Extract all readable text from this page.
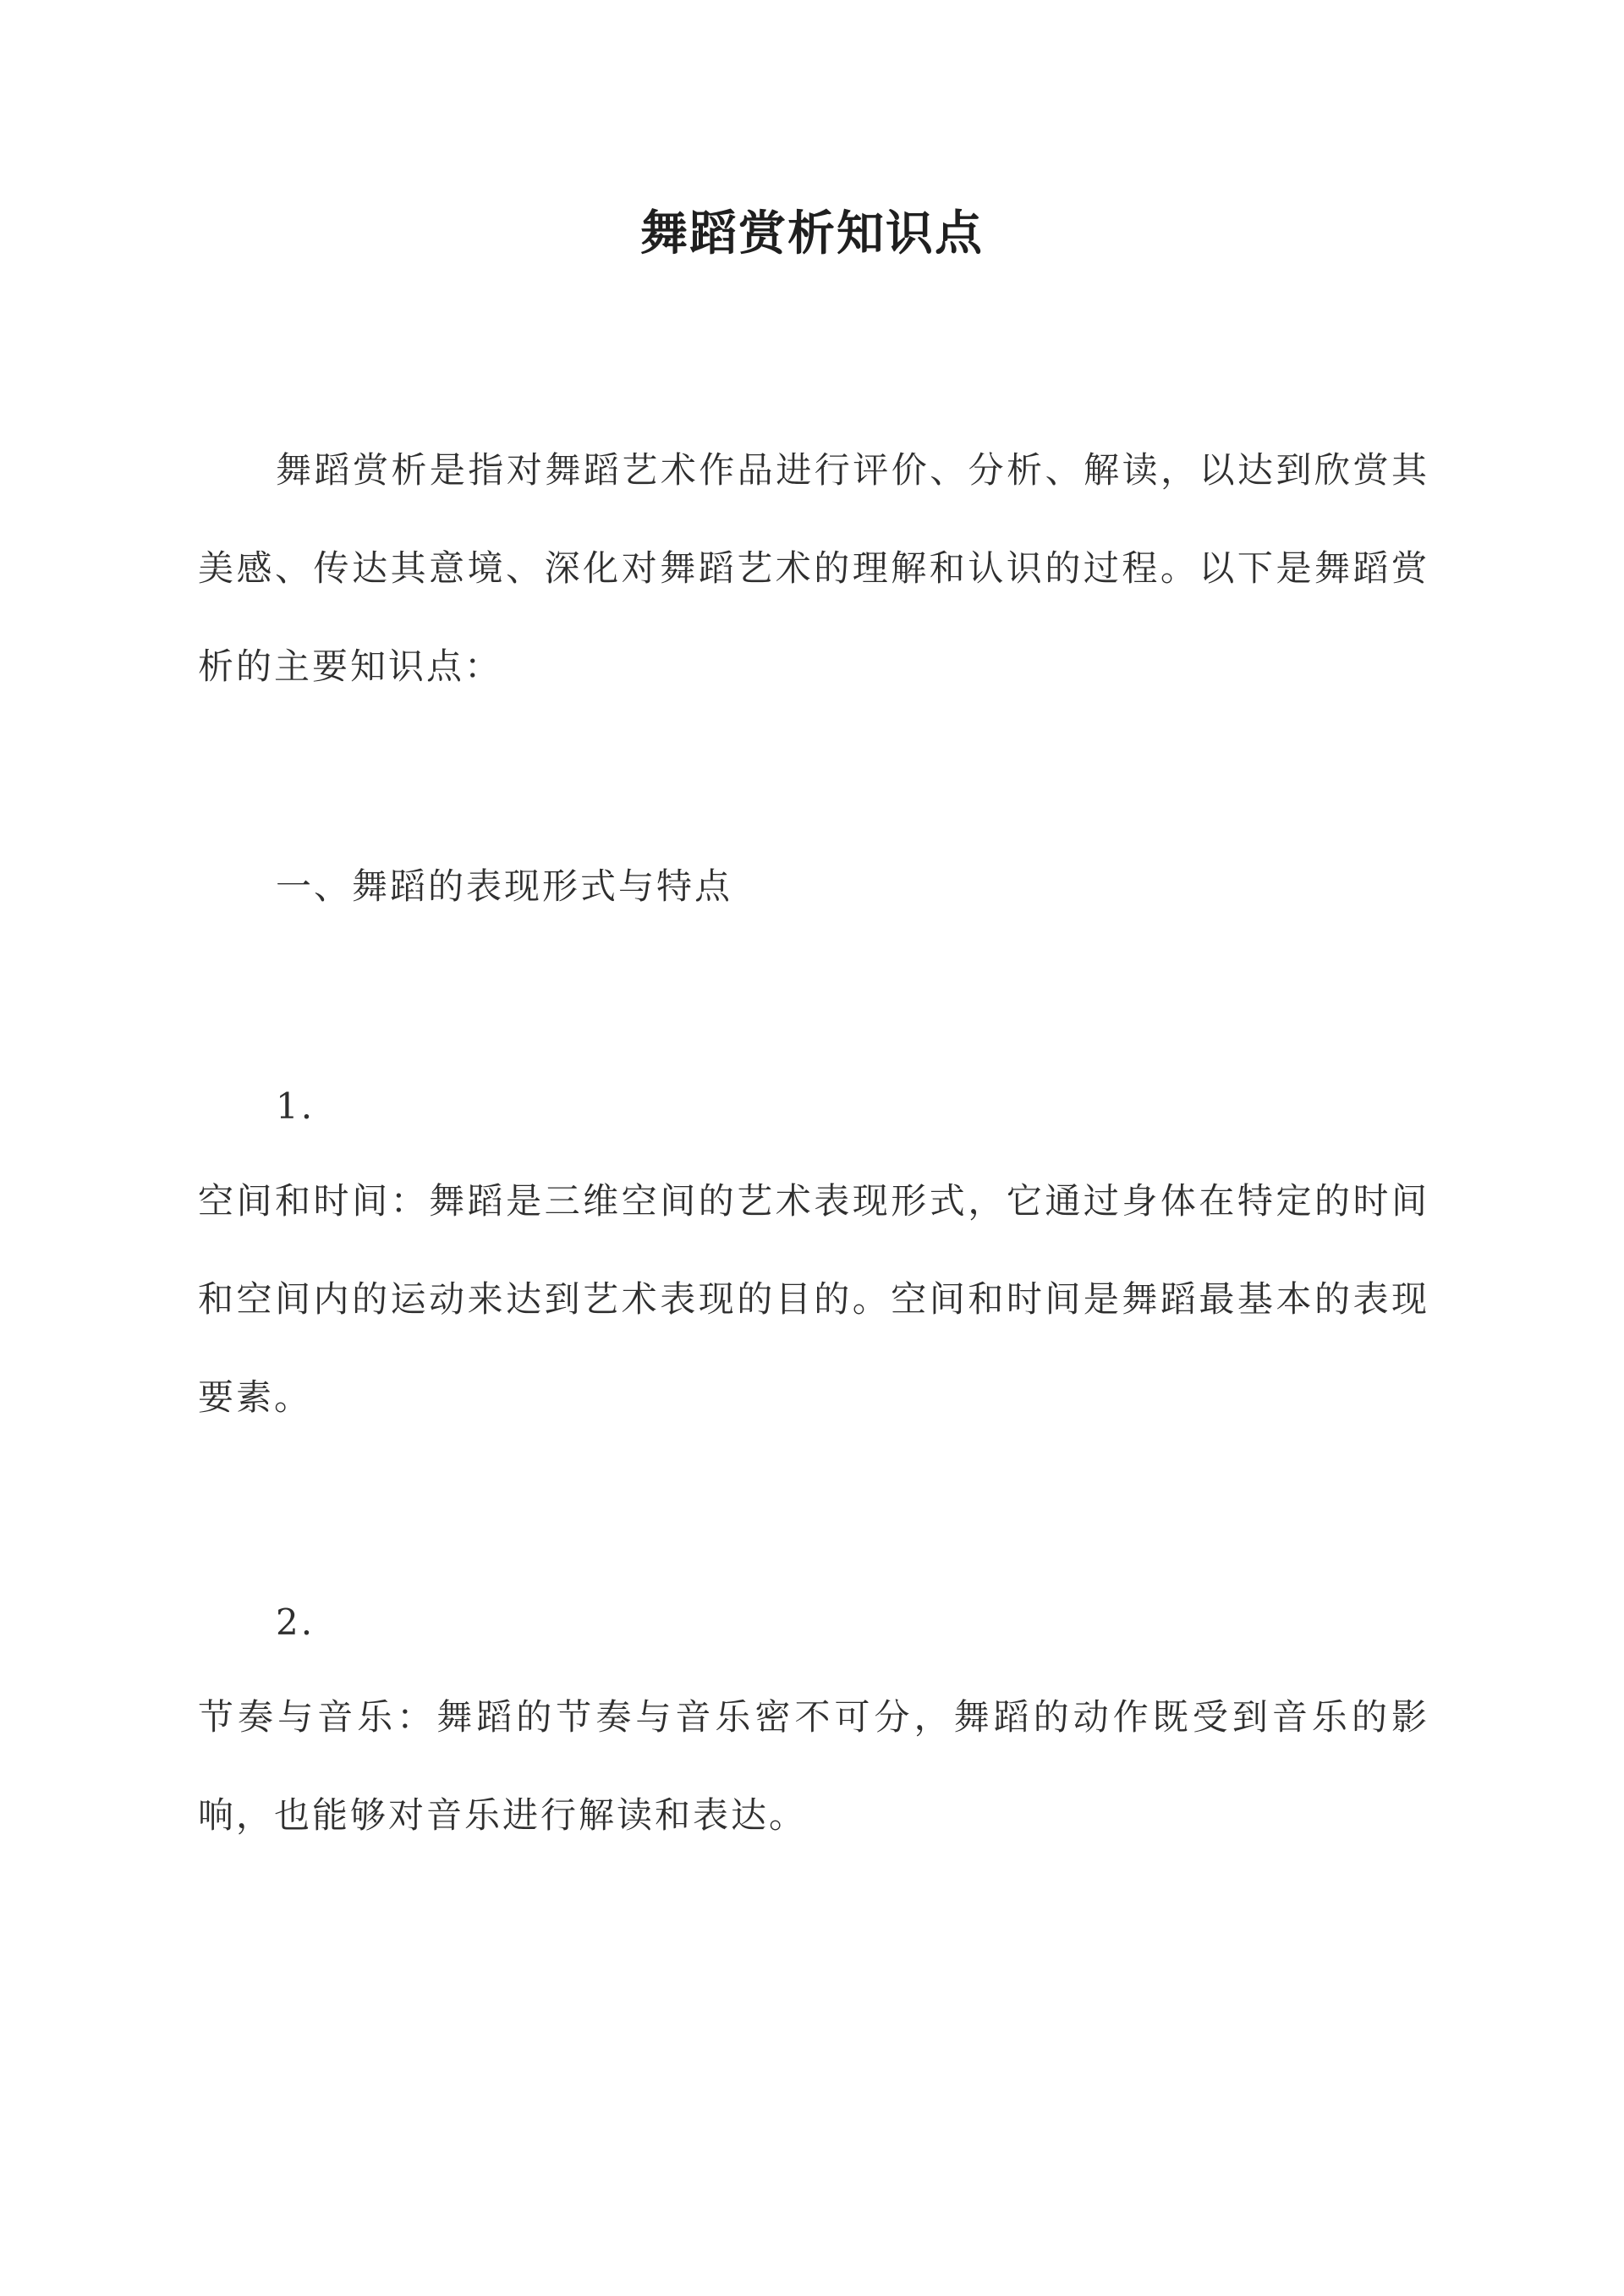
舞蹈赏析知识点

舞蹈赏析是指对舞蹈艺术作品进行评价、分析、解读，以达到欣赏其美感、传达其意境、深化对舞蹈艺术的理解和认识的过程。以下是舞蹈赏析的主要知识点：

一、舞蹈的表现形式与特点

1.

空间和时间：舞蹈是三维空间的艺术表现形式，它通过身体在特定的时间和空间内的运动来达到艺术表现的目的。空间和时间是舞蹈最基本的表现要素。

2.

节奏与音乐：舞蹈的节奏与音乐密不可分，舞蹈的动作既受到音乐的影响，也能够对音乐进行解读和表达。
